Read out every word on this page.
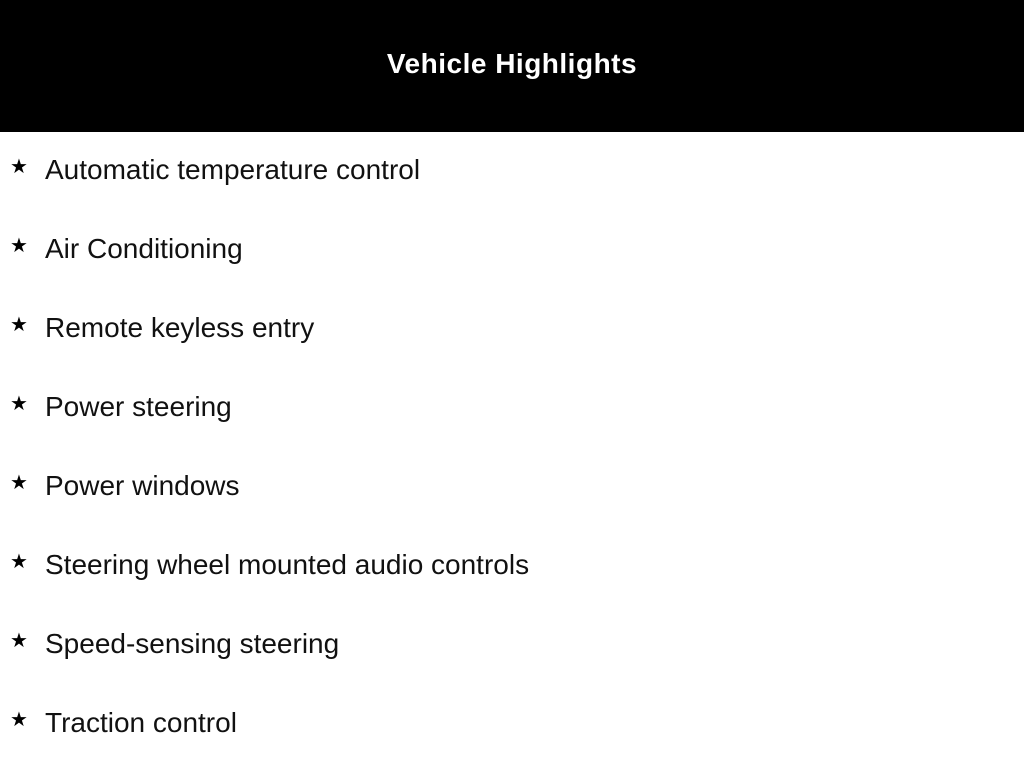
Vehicle Highlights
★ Automatic temperature control
★ Air Conditioning
★ Remote keyless entry
★ Power steering
★ Power windows
★ Steering wheel mounted audio controls
★ Speed-sensing steering
★ Traction control
